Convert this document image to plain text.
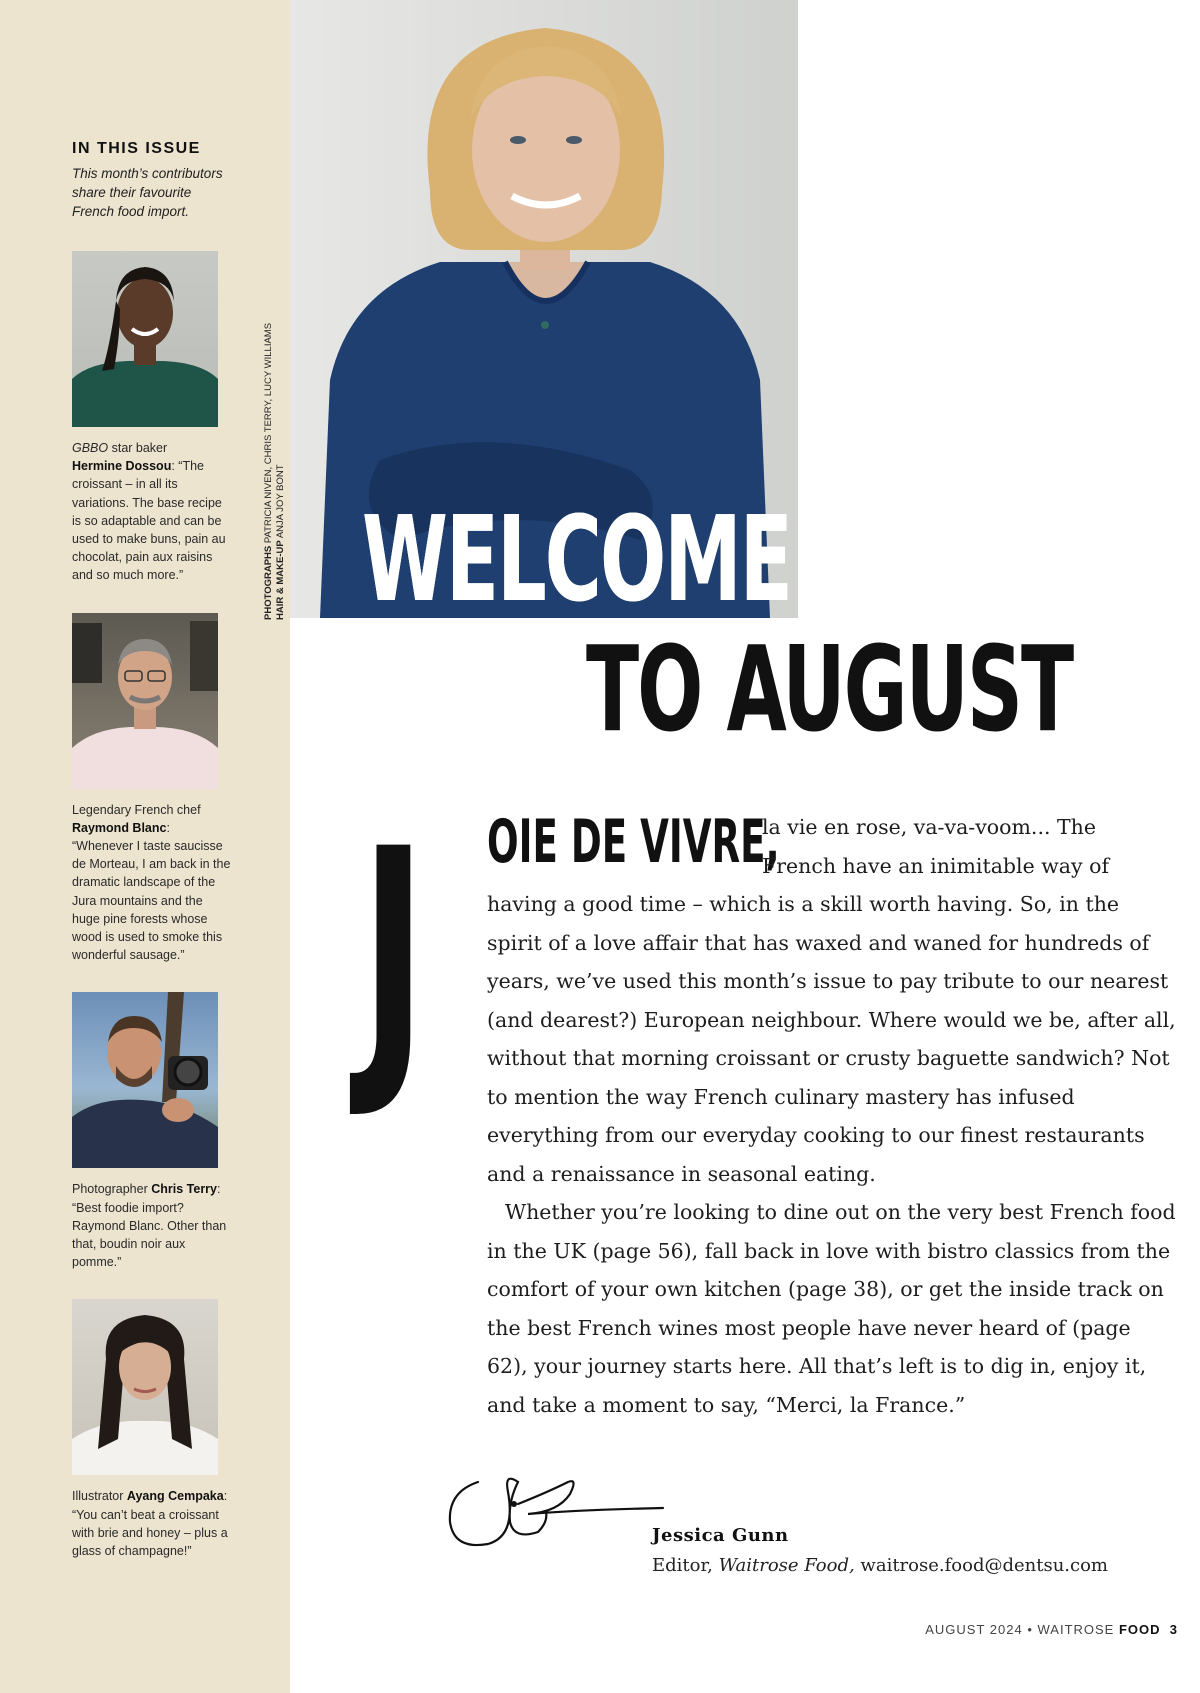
IN THIS ISSUE
This month’s contributors share their favourite French food import.
GBBO star baker
Hermine Dossou: “The croissant – in all its variations. The base recipe is so adaptable and can be used to make buns, pain au chocolat, pain aux raisins and so much more.”
Legendary French chef
Raymond Blanc: “Whenever I taste saucisse de Morteau, I am back in the dramatic landscape of the Jura mountains and the huge pine forests whose wood is used to smoke this wonderful sausage.”
Photographer Chris Terry: “Best foodie import? Raymond Blanc. Other than that, boudin noir aux pomme.”
Illustrator Ayang Cempaka: “You can’t beat a croissant with brie and honey – plus a glass of champagne!”
PHOTOGRAPHS PATRICIA NIVEN, CHRIS TERRY, LUCY WILLIAMS
HAIR & MAKE-UP ANJA JOY BONT WELCOME
TO AUGUST
J OIE DE VIVRE,

la vie en rose, va-va-voom... The
French have an inimitable way of
having a good time – which is a skill worth having. So, in the spirit of a love affair that has waxed and waned for hundreds of years, we’ve used this month’s issue to pay tribute to our nearest (and dearest?) European neighbour. Where would we be, after all, without that morning croissant or crusty baguette sandwich? Not to mention the way French culinary mastery has infused everything from our everyday cooking to our finest restaurants and a renaissance in seasonal eating.

Whether you’re looking to dine out on the very best French food in the UK (page 56), fall back in love with bistro classics from the comfort of your own kitchen (page 38), or get the inside track on the best French wines most people have never heard of (page 62), your journey starts here. All that’s left is to dig in, enjoy it, and take a moment to say, “Merci, la France.”

Jessica Gunn
Editor, Waitrose Food, waitrose.food@dentsu.com
AUGUST 2024 • WAITROSE FOOD 3
